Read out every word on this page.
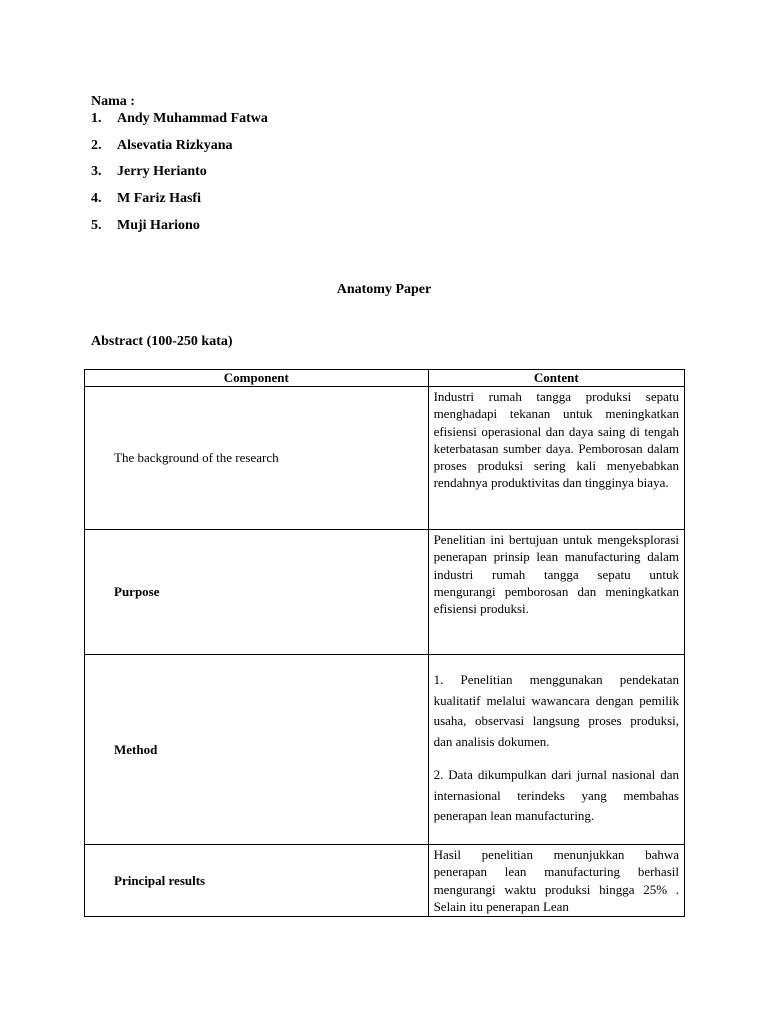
Nama :
1. Andy Muhammad Fatwa
2. Alsevatia Rizkyana
3. Jerry Herianto
4. M Fariz Hasfi
5. Muji Hariono
Anatomy Paper
Abstract (100-250 kata)
Component	Content
The background of the research	Industri rumah tangga produksi sepatu menghadapi tekanan untuk meningkatkan efisiensi operasional dan daya saing di tengah keterbatasan sumber daya. Pemborosan dalam proses produksi sering kali menyebabkan rendahnya produktivitas dan tingginya biaya.

Purpose	Penelitian ini bertujuan untuk mengeksplorasi penerapan prinsip lean manufacturing dalam industri rumah tangga sepatu untuk mengurangi pemborosan dan meningkatkan efisiensi produksi.

Method	1. Penelitian menggunakan pendekatan kualitatif melalui wawancara dengan pemilik usaha, observasi langsung proses produksi, dan analisis dokumen.

2. Data dikumpulkan dari jurnal nasional dan internasional terindeks yang membahas penerapan lean manufacturing.

Principal results	Hasil penelitian menunjukkan bahwa penerapan lean manufacturing berhasil mengurangi waktu produksi hingga 25% . Selain itu penerapan Lean
